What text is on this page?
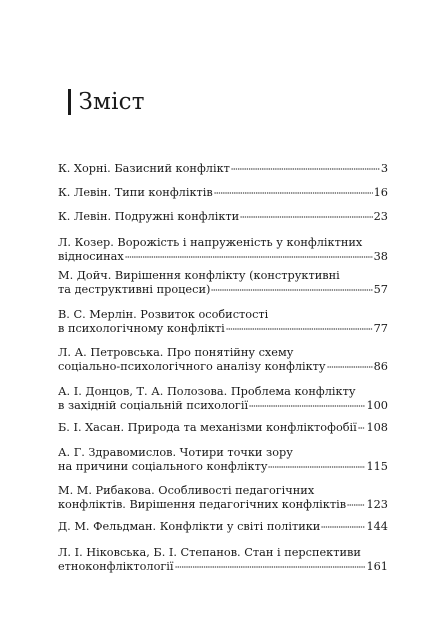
Зміст
К. Хорні. Базисний конфлікт	3
К. Левін. Типи конфліктів	16
К. Левін. Подружні конфлікти	23
Л. Козер. Ворожість і напруженість у конфліктних
відносинах	38
М. Дойч. Вирішення конфлікту (конструктивні
та деструктивні процеси)	57
В. С. Мерлін. Розвиток особистості
в психологічному конфлікті	77
Л. А. Петровська. Про понятійну схему
соціально-психологічного аналізу конфлікту	86
А. І. Донцов, Т. А. Полозова. Проблема конфлікту
в західній соціальній психології	100
Б. І. Хасан. Природа та механізми конфліктофобії 108
А. Г. Здравомислов. Чотири точки зору
на причини соціального конфлікту	115
М. М. Рибакова. Особливості педагогічних
конфліктів. Вирішення педагогічних конфліктів 123
Д. М. Фельдман. Конфлікти у світі політики	144
Л. І. Ніковська, Б. І. Степанов. Стан і перспективи
етноконфліктології	161
